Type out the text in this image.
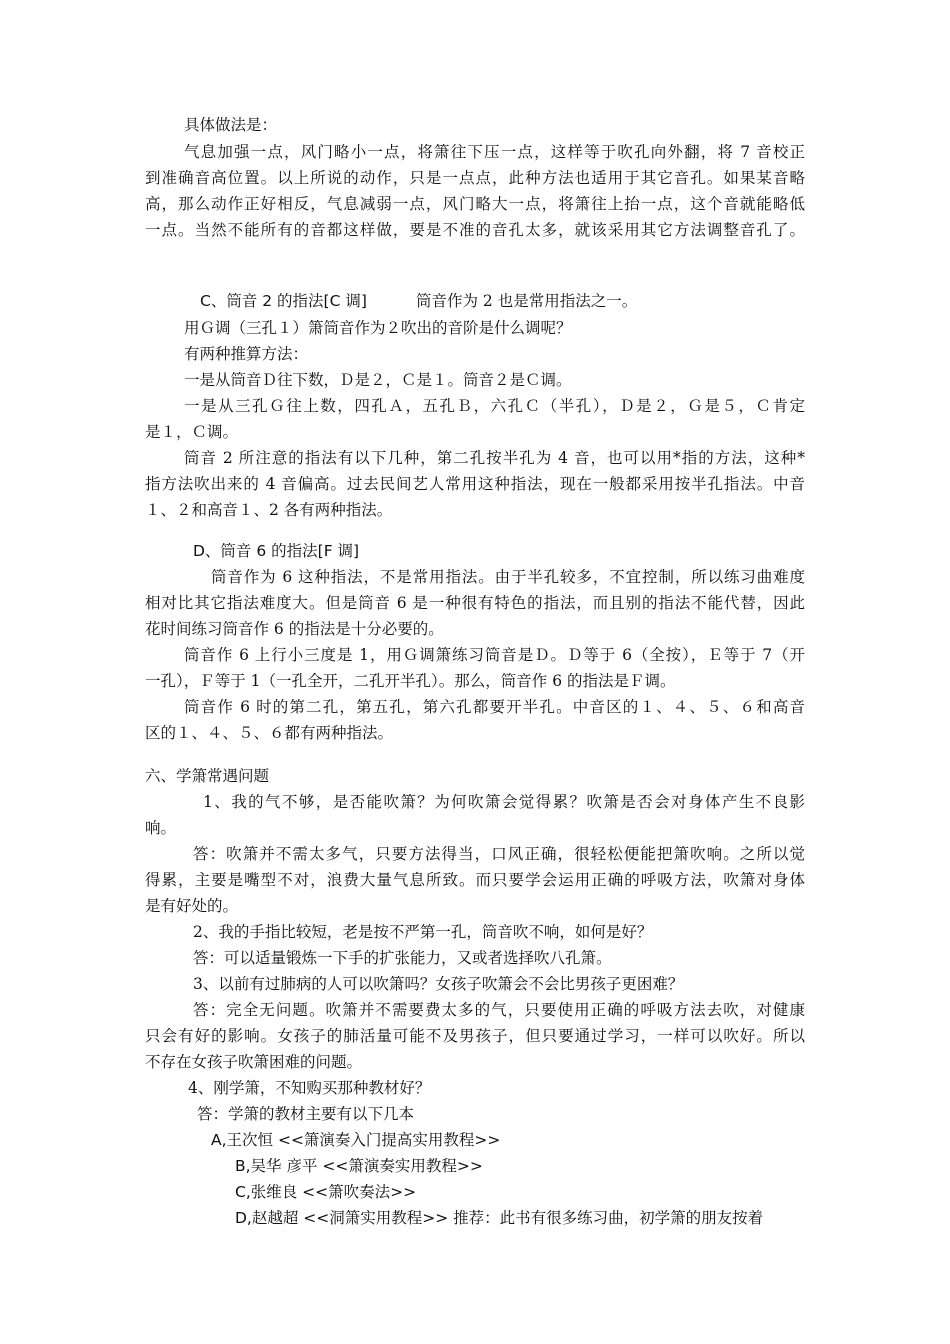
具体做法是：
气息加强一点，风门略小一点，将箫往下压一点，这样等于吹孔向外翻，将 7 音校正
到准确音高位置。以上所说的动作，只是一点点，此种方法也适用于其它音孔。如果某音略
高，那么动作正好相反，气息减弱一点，风门略大一点，将箫往上抬一点，这个音就能略低
一点。当然不能所有的音都这样做，要是不准的音孔太多，就该采用其它方法调整音孔了。
C、筒音 2 的指法[C 调]	筒音作为 2 也是常用指法之一。
用Ｇ调（三孔１）箫筒音作为２吹出的音阶是什么调呢？
有两种推算方法：
一是从筒音Ｄ往下数，Ｄ是２，Ｃ是１。筒音２是Ｃ调。
一是从三孔Ｇ往上数，四孔Ａ，五孔Ｂ，六孔Ｃ（半孔），Ｄ是２，Ｇ是５，Ｃ肯定
是１，Ｃ调。
筒音 2 所注意的指法有以下几种，第二孔按半孔为 4 音，也可以用*指的方法，这种*
指方法吹出来的 4 音偏高。过去民间艺人常用这种指法，现在一般都采用按半孔指法。中音
１、２和高音１、2 各有两种指法。
D、筒音 6 的指法[F 调]
筒音作为 6 这种指法，不是常用指法。由于半孔较多，不宜控制，所以练习曲难度
相对比其它指法难度大。但是筒音 6 是一种很有特色的指法，而且别的指法不能代替，因此
花时间练习筒音作 6 的指法是十分必要的。
筒音作 6 上行小三度是 1，用Ｇ调箫练习筒音是Ｄ。Ｄ等于 6（全按），Ｅ等于 7（开
一孔），Ｆ等于 1（一孔全开，二孔开半孔）。那么，筒音作 6 的指法是Ｆ调。
筒音作 6 时的第二孔，第五孔，第六孔都要开半孔。中音区的１、４、５、６和高音
区的１、４、５、６都有两种指法。
六、学箫常遇问题
1、我的气不够，是否能吹箫？为何吹箫会觉得累？吹箫是否会对身体产生不良影
响。
答：吹箫并不需太多气，只要方法得当，口风正确，很轻松便能把箫吹响。之所以觉
得累，主要是嘴型不对，浪费大量气息所致。而只要学会运用正确的呼吸方法，吹箫对身体
是有好处的。
2、我的手指比较短，老是按不严第一孔，筒音吹不响，如何是好？
答：可以适量锻炼一下手的扩张能力，又或者选择吹八孔箫。
3、以前有过肺病的人可以吹箫吗？女孩子吹箫会不会比男孩子更困难？
答：完全无问题。吹箫并不需要费太多的气，只要使用正确的呼吸方法去吹，对健康
只会有好的影响。女孩子的肺活量可能不及男孩子，但只要通过学习，一样可以吹好。所以
不存在女孩子吹箫困难的问题。
4、刚学箫，不知购买那种教材好？
答：学箫的教材主要有以下几本
A,王次恒 <<箫演奏入门提高实用教程>>
B,吴华 彦平 <<箫演奏实用教程>>
C,张维良 <<箫吹奏法>>
D,赵越超 <<洞箫实用教程>> 推荐：此书有很多练习曲，初学箫的朋友按着
